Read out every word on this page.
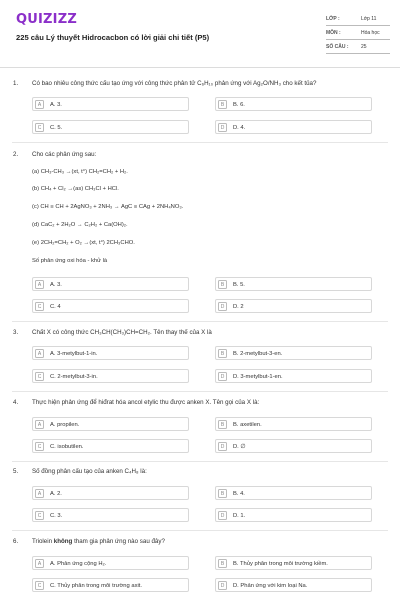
QUIZIZZ
225 câu Lý thuyết Hidrocacbon có lời giải chi tiết (P5)
LỚP :	Lớp 11
MÔN :	Hóa học
SỐ CÂU :	25
1. Có bao nhiêu công thức cấu tạo ứng với công thức phân tử C₆H₁₀ phản ứng với Ag₂O/NH₃ cho kết tủa?
A	A. 3.	B	B. 6.
C	C. 5.	D	D. 4.
2. Cho các phản ứng sau:
(a) CH₃-CH₃ →(xt, t°) CH₂=CH₂ + H₂.
(b) CH₄ + Cl₂ →(as) CH₃Cl + HCl.
(c) CH ≡ CH + 2AgNO₃ + 2NH₃ → AgC ≡ CAg + 2NH₄NO₃.
(d) CaC₂ + 2H₂O → C₂H₂ + Ca(OH)₂.
(e) 2CH₂=CH₂ + O₂ →(xt, t°) 2CH₃CHO.
Số phản ứng oxi hóa - khử là
A	A. 3.	B	B. 5.
C	C. 4	D	D. 2
3. Chất X có công thức CH₃CH(CH₃)CH=CH₂. Tên thay thế của X là
A	A. 3-metylbut-1-in.	B	B. 2-metylbut-3-en.
C	C. 2-metylbut-3-in.	D	D. 3-metylbut-1-en.
4. Thực hiện phản ứng để hiđrat hóa ancol etylic thu được anken X. Tên gọi của X là:
A	A. propilen.	B	B. axetilen.
C	C. isobutilen.	D	D. ∅
5. Số đồng phân cấu tạo của anken C₄H₈ là:
A	A. 2.	B	B. 4.
C	C. 3.	D	D. 1.
6. Triolein không tham gia phản ứng nào sau đây?
A	A. Phản ứng cộng H₂.	B	B. Thủy phân trong môi trường kiềm.
C	C. Thủy phân trong môi trường axit.	D	D. Phản ứng với kim loại Na.
